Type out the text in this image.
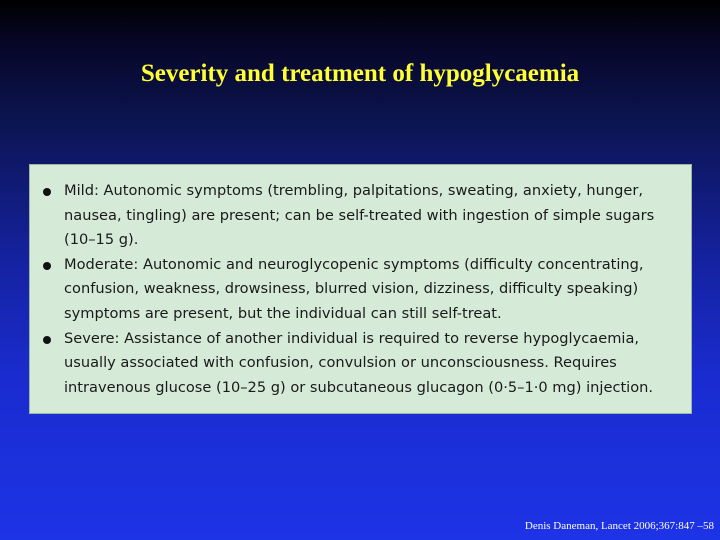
Severity and treatment of hypoglycaemia
Mild: Autonomic symptoms (trembling, palpitations, sweating, anxiety, hunger, nausea, tingling) are present; can be self-treated with ingestion of simple sugars (10–15 g).
Moderate: Autonomic and neuroglycopenic symptoms (difficulty concentrating, confusion, weakness, drowsiness, blurred vision, dizziness, difficulty speaking) symptoms are present, but the individual can still self-treat.
Severe: Assistance of another individual is required to reverse hypoglycaemia, usually associated with confusion, convulsion or unconsciousness. Requires intravenous glucose (10–25 g) or subcutaneous glucagon (0·5–1·0 mg) injection.
Denis Daneman, Lancet 2006;367:847 –58
